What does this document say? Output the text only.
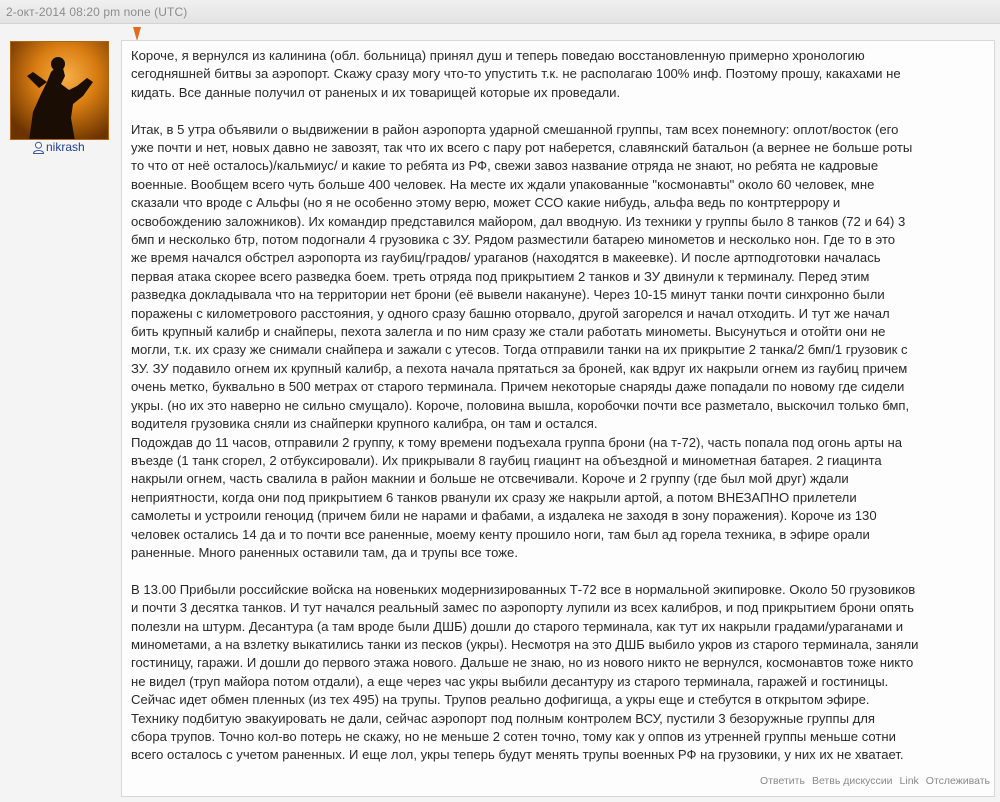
2-окт-2014 08:20 pm none (UTC)
nikrash

Короче, я вернулся из калинина (обл. больница) принял душ и теперь поведаю восстановленную примерно хронологию
сегодняшней битвы за аэропорт. Скажу сразу могу что-то упустить т.к. не располагаю 100% инф. Поэтому прошу, какахами не
кидать. Все данные получил от раненых и их товарищей которые их проведали.

Итак, в 5 утра объявили о выдвижении в район аэропорта ударной смешанной группы, там всех понемногу: оплот/восток (его
уже почти и нет, новых давно не завозят, так что их всего с пару рот наберется, славянский батальон (а вернее не больше роты
то что от неё осталось)/кальмиус/ и какие то ребята из РФ, свежи завоз название отряда не знают, но ребята не кадровые
военные. Вообщем всего чуть больше 400 человек. На месте их ждали упакованные "космонавты" около 60 человек, мне
сказали что вроде с Альфы (но я не особенно этому верю, может ССО какие нибудь, альфа ведь по контртеррору и
освобождению заложников). Их командир представился майором, дал вводную. Из техники у группы было 8 танков (72 и 64) 3
бмп и несколько бтр, потом подогнали 4 грузовика с ЗУ. Рядом разместили батарею минометов и несколько нон. Где то в это
же время начался обстрел аэропорта из гаубиц/градов/ ураганов (находятся в макеевке). И после артподготовки началась
первая атака скорее всего разведка боем. треть отряда под прикрытием 2 танков и ЗУ двинули к терминалу. Перед этим
разведка докладывала что на территории нет брони (её вывели накануне). Через 10-15 минут танки почти синхронно были
поражены с километрового расстояния, у одного сразу башню оторвало, другой загорелся и начал отходить. И тут же начал
бить крупный калибр и снайперы, пехота залегла и по ним сразу же стали работать минометы. Высунуться и отойти они не
могли, т.к. их сразу же снимали снайпера и зажали с утесов. Тогда отправили танки на их прикрытие 2 танка/2 бмп/1 грузовик с
ЗУ. ЗУ подавило огнем их крупный калибр, а пехота начала прятаться за броней, как вдруг их накрыли огнем из гаубиц причем
очень метко, буквально в 500 метрах от старого терминала. Причем некоторые снаряды даже попадали по новому где сидели
укры. (но их это наверно не сильно смущало). Короче, половина вышла, коробочки почти все разметало, выскочил только бмп,
водителя грузовика сняли из снайперки крупного калибра, он там и остался.
Подождав до 11 часов, отправили 2 группу, к тому времени подъехала группа брони (на т-72), часть попала под огонь арты на
въезде (1 танк сгорел, 2 отбуксировали). Их прикрывали 8 гаубиц гиацинт на объездной и минометная батарея. 2 гиацинта
накрыли огнем, часть свалила в район макнии и больше не отсвечивали. Короче и 2 группу (где был мой друг) ждали
неприятности, когда они под прикрытием 6 танков рванули их сразу же накрыли артой, а потом ВНЕЗАПНО прилетели
самолеты и устроили геноцид (причем били не нарами и фабами, а издалека не заходя в зону поражения). Короче из 130
человек остались 14 да и то почти все раненные, моему кенту прошило ноги, там был ад горела техника, в эфире орали
раненные. Много раненных оставили там, да и трупы все тоже.

В 13.00 Прибыли российские войска на новеньких модернизированных Т-72 все в нормальной экипировке. Около 50 грузовиков
и почти 3 десятка танков. И тут начался реальный замес по аэропорту лупили из всех калибров, и под прикрытием брони опять
полезли на штурм. Десантура (а там вроде были ДШБ) дошли до старого терминала, как тут их накрыли градами/ураганами и
минометами, а на взлетку выкатились танки из песков (укры). Несмотря на это ДШБ выбило укров из старого терминала, заняли
гостиницу, гаражи. И дошли до первого этажа нового. Дальше не знаю, но из нового никто не вернулся, космонавтов тоже никто
не видел (труп майора потом отдали), а еще через час укры выбили десантуру из старого терминала, гаражей и гостиницы.
Сейчас идет обмен пленных (из тех 495) на трупы. Трупов реально дофигища, а укры еще и стебутся в открытом эфире.
Технику подбитую эвакуировать не дали, сейчас аэропорт под полным контролем ВСУ, пустили 3 безоружные группы для
сбора трупов. Точно кол-во потерь не скажу, но не меньше 2 сотен точно, тому как у оппов из утренней группы меньше сотни
всего осталось с учетом раненных. И еще лол, укры теперь будут менять трупы военных РФ на грузовики, у них их не хватает.

Ответить Ветвь дискуссии Link Отслеживать
